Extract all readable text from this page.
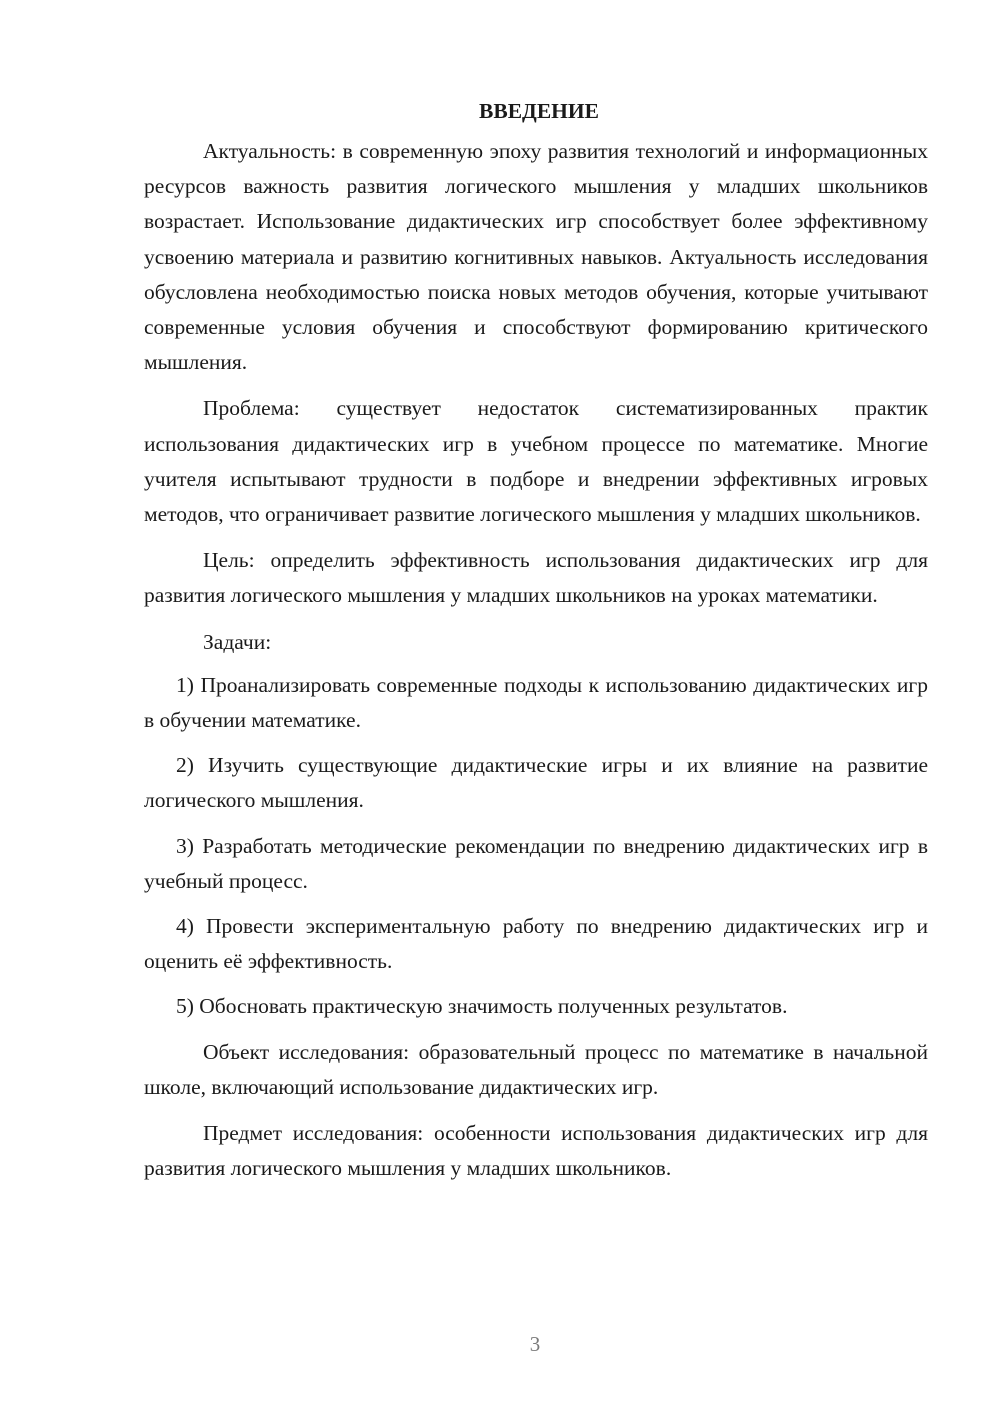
ВВЕДЕНИЕ

Актуальность: в современную эпоху развития технологий и информационных ресурсов важность развития логического мышления у младших школьников возрастает. Использование дидактических игр способствует более эффективному усвоению материала и развитию когнитивных навыков. Актуальность исследования обусловлена необходимостью поиска новых методов обучения, которые учитывают современные условия обучения и способствуют формированию критического мышления.

Проблема: существует недостаток систематизированных практик использования дидактических игр в учебном процессе по математике. Многие учителя испытывают трудности в подборе и внедрении эффективных игровых методов, что ограничивает развитие логического мышления у младших школьников.

Цель: определить эффективность использования дидактических игр для развития логического мышления у младших школьников на уроках математики.

Задачи:

1) Проанализировать современные подходы к использованию дидактических игр в обучении математике.

2) Изучить существующие дидактические игры и их влияние на развитие логического мышления.

3) Разработать методические рекомендации по внедрению дидактических игр в учебный процесс.

4) Провести экспериментальную работу по внедрению дидактических игр и оценить её эффективность.

5) Обосновать практическую значимость полученных результатов.

Объект исследования: образовательный процесс по математике в начальной школе, включающий использование дидактических игр.

Предмет исследования: особенности использования дидактических игр для развития логического мышления у младших школьников.

3
